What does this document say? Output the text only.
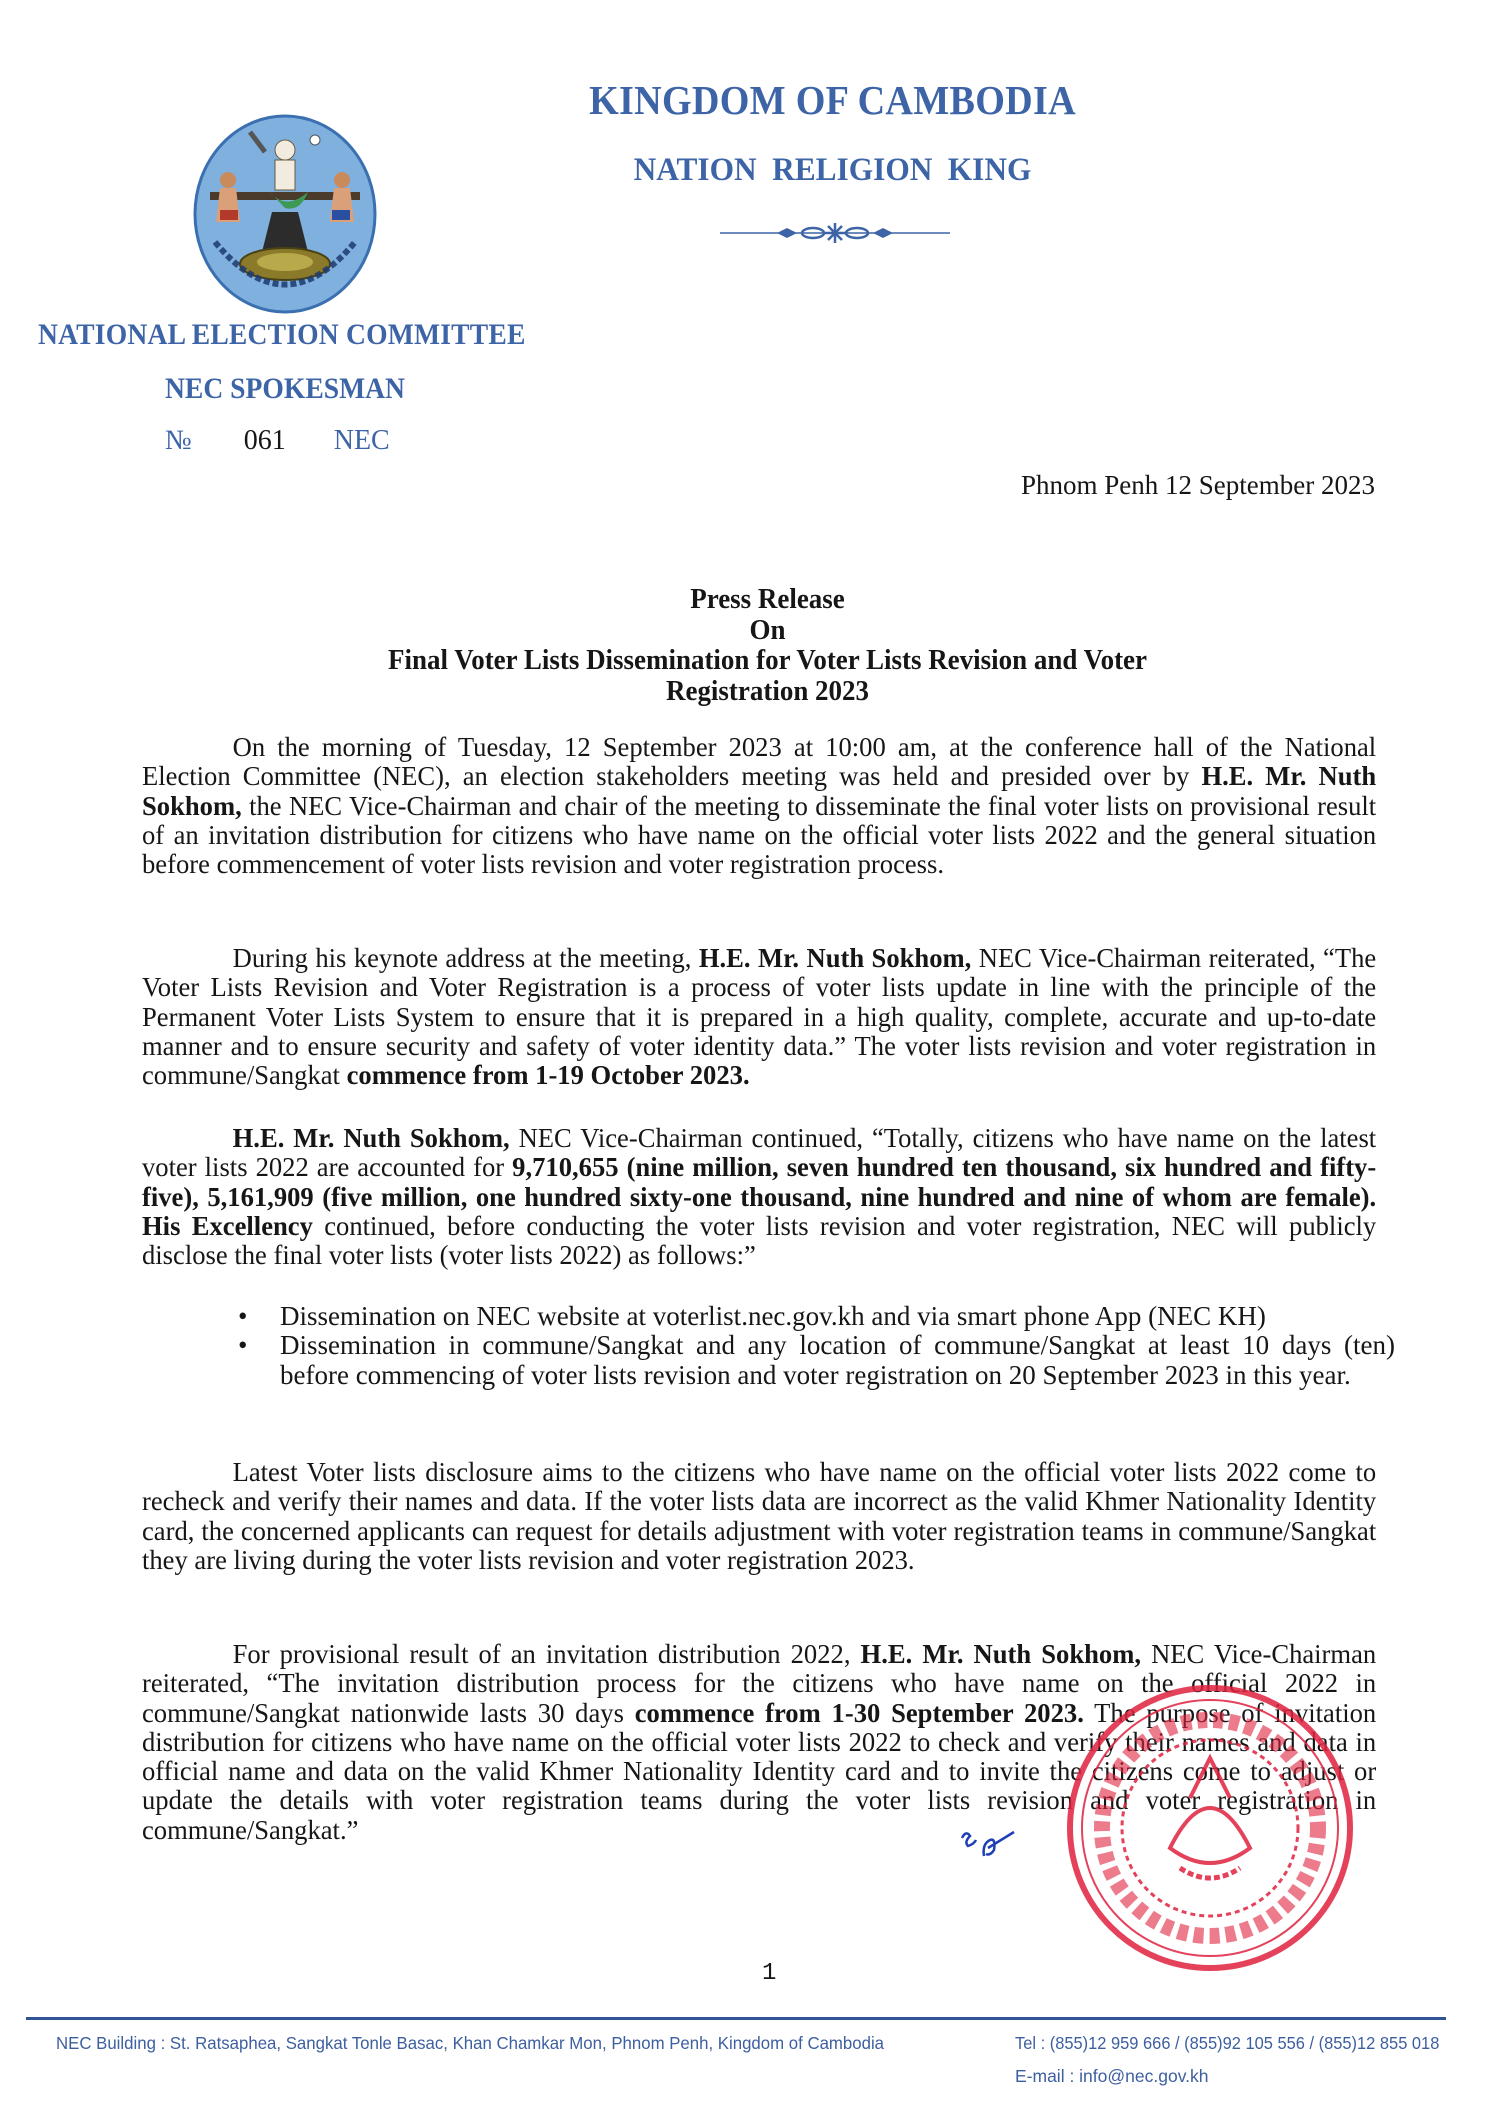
KINGDOM OF CAMBODIA
NATION RELIGION KING
NATIONAL ELECTION COMMITTEE
NEC SPOKESMAN
№ 061 NEC
Phnom Penh 12 September 2023
Press Release
On
Final Voter Lists Dissemination for Voter Lists Revision and Voter
Registration 2023

On the morning of Tuesday, 12 September 2023 at 10:00 am, at the conference hall of the National Election Committee (NEC), an election stakeholders meeting was held and presided over by H.E. Mr. Nuth Sokhom, the NEC Vice-Chairman and chair of the meeting to disseminate the final voter lists on provisional result of an invitation distribution for citizens who have name on the official voter lists 2022 and the general situation before commencement of voter lists revision and voter registration process.

During his keynote address at the meeting, H.E. Mr. Nuth Sokhom, NEC Vice-Chairman reiterated, “The Voter Lists Revision and Voter Registration is a process of voter lists update in line with the principle of the Permanent Voter Lists System to ensure that it is prepared in a high quality, complete, accurate and up-to-date manner and to ensure security and safety of voter identity data.” The voter lists revision and voter registration in commune/Sangkat commence from 1-19 October 2023.

H.E. Mr. Nuth Sokhom, NEC Vice-Chairman continued, “Totally, citizens who have name on the latest voter lists 2022 are accounted for 9,710,655 (nine million, seven hundred ten thousand, six hundred and fifty-five), 5,161,909 (five million, one hundred sixty-one thousand, nine hundred and nine of whom are female). His Excellency continued, before conducting the voter lists revision and voter registration, NEC will publicly disclose the final voter lists (voter lists 2022) as follows:”

•	Dissemination on NEC website at voterlist.nec.gov.kh and via smart phone App (NEC KH)
•	Dissemination in commune/Sangkat and any location of commune/Sangkat at least 10 days (ten) before commencing of voter lists revision and voter registration on 20 September 2023 in this year.

Latest Voter lists disclosure aims to the citizens who have name on the official voter lists 2022 come to recheck and verify their names and data. If the voter lists data are incorrect as the valid Khmer Nationality Identity card, the concerned applicants can request for details adjustment with voter registration teams in commune/Sangkat they are living during the voter lists revision and voter registration 2023.

For provisional result of an invitation distribution 2022, H.E. Mr. Nuth Sokhom, NEC Vice-Chairman reiterated, “The invitation distribution process for the citizens who have name on the official 2022 in commune/Sangkat nationwide lasts 30 days commence from 1-30 September 2023. The purpose of invitation distribution for citizens who have name on the official voter lists 2022 to check and verify their names and data in official name and data on the valid Khmer Nationality Identity card and to invite the citizens come to adjust or update the details with voter registration teams during the voter lists revision and voter registration in commune/Sangkat.”

1
NEC Building : St. Ratsaphea, Sangkat Tonle Basac, Khan Chamkar Mon, Phnom Penh, Kingdom of Cambodia	Tel : (855)12 959 666 / (855)92 105 556 / (855)12 855 018
E-mail : info@nec.gov.kh
